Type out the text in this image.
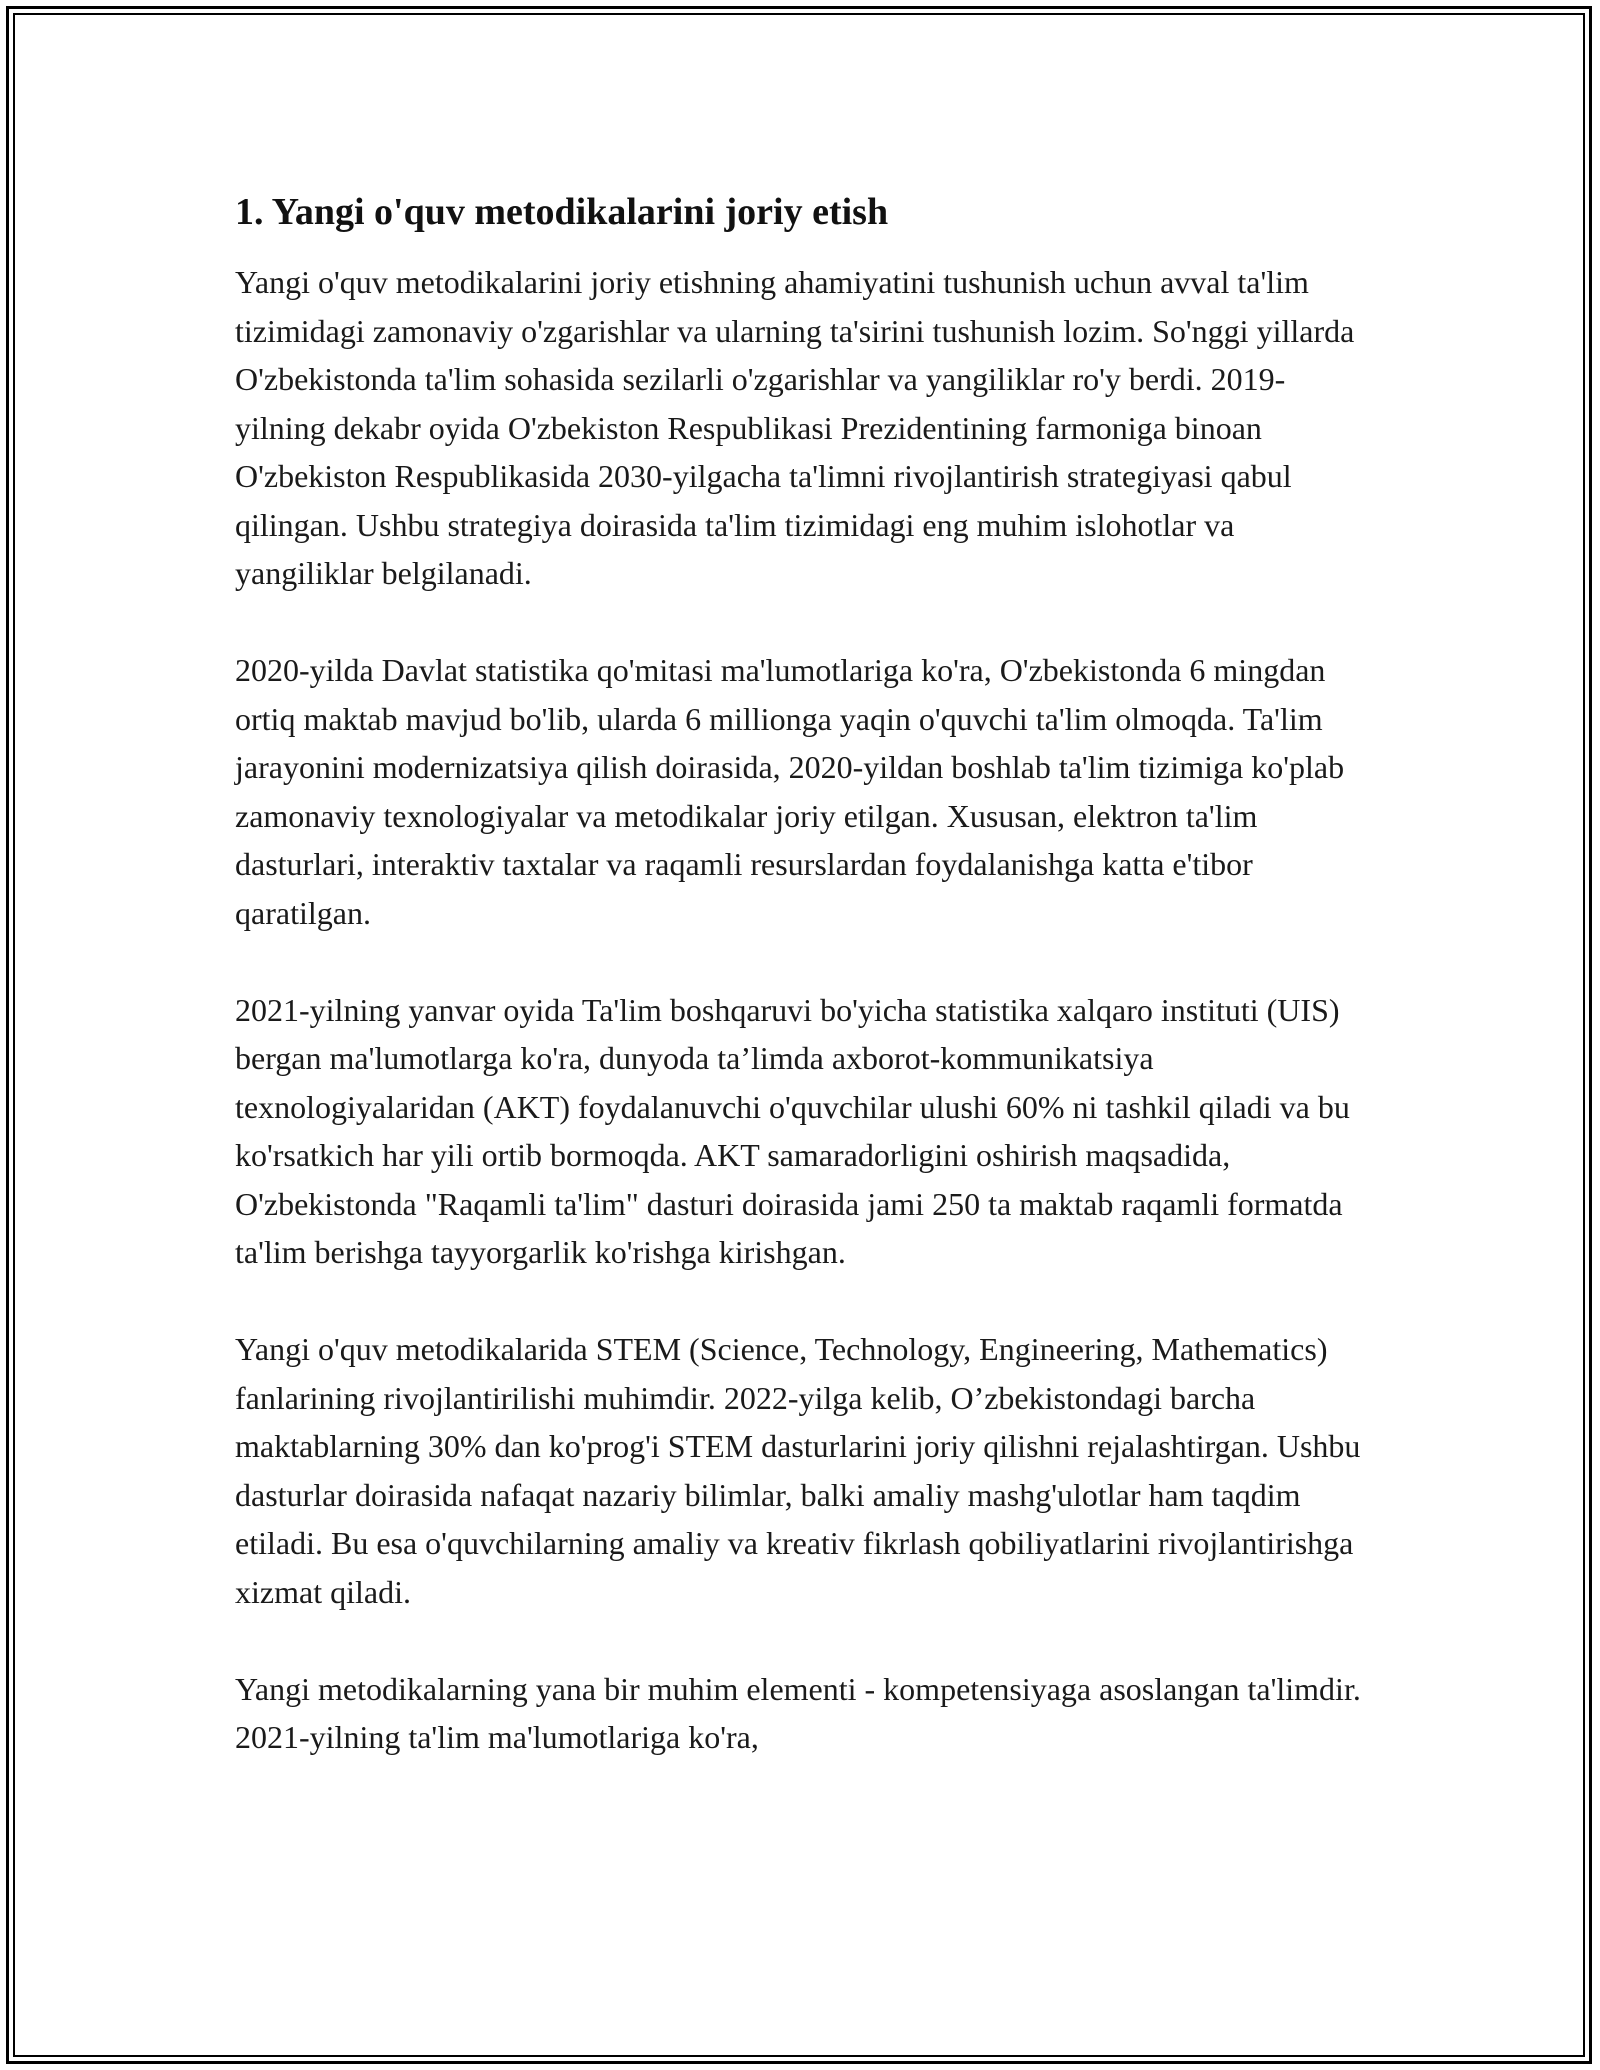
1. Yangi o'quv metodikalarini joriy etish

Yangi o'quv metodikalarini joriy etishning ahamiyatini tushunish uchun avval ta'lim tizimidagi zamonaviy o'zgarishlar va ularning ta'sirini tushunish lozim. So'nggi yillarda O'zbekistonda ta'lim sohasida sezilarli o'zgarishlar va yangiliklar ro'y berdi. 2019-yilning dekabr oyida O'zbekiston Respublikasi Prezidentining farmoniga binoan O'zbekiston Respublikasida 2030-yilgacha ta'limni rivojlantirish strategiyasi qabul qilingan. Ushbu strategiya doirasida ta'lim tizimidagi eng muhim islohotlar va yangiliklar belgilanadi.

2020-yilda Davlat statistika qo'mitasi ma'lumotlariga ko'ra, O'zbekistonda 6 mingdan ortiq maktab mavjud bo'lib, ularda 6 millionga yaqin o'quvchi ta'lim olmoqda. Ta'lim jarayonini modernizatsiya qilish doirasida, 2020-yildan boshlab ta'lim tizimiga ko'plab zamonaviy texnologiyalar va metodikalar joriy etilgan. Xususan, elektron ta'lim dasturlari, interaktiv taxtalar va raqamli resurslardan foydalanishga katta e'tibor qaratilgan.

2021-yilning yanvar oyida Ta'lim boshqaruvi bo'yicha statistika xalqaro instituti (UIS) bergan ma'lumotlarga ko'ra, dunyoda ta’limda axborot-kommunikatsiya texnologiyalaridan (AKT) foydalanuvchi o'quvchilar ulushi 60% ni tashkil qiladi va bu ko'rsatkich har yili ortib bormoqda. AKT samaradorligini oshirish maqsadida, O'zbekistonda "Raqamli ta'lim" dasturi doirasida jami 250 ta maktab raqamli formatda ta'lim berishga tayyorgarlik ko'rishga kirishgan.

Yangi o'quv metodikalarida STEM (Science, Technology, Engineering, Mathematics) fanlarining rivojlantirilishi muhimdir. 2022-yilga kelib, O’zbekistondagi barcha maktablarning 30% dan ko'prog'i STEM dasturlarini joriy qilishni rejalashtirgan. Ushbu dasturlar doirasida nafaqat nazariy bilimlar, balki amaliy mashg'ulotlar ham taqdim etiladi. Bu esa o'quvchilarning amaliy va kreativ fikrlash qobiliyatlarini rivojlantirishga xizmat qiladi.

Yangi metodikalarning yana bir muhim elementi - kompetensiyaga asoslangan ta'limdir. 2021-yilning ta'lim ma'lumotlariga ko'ra,
